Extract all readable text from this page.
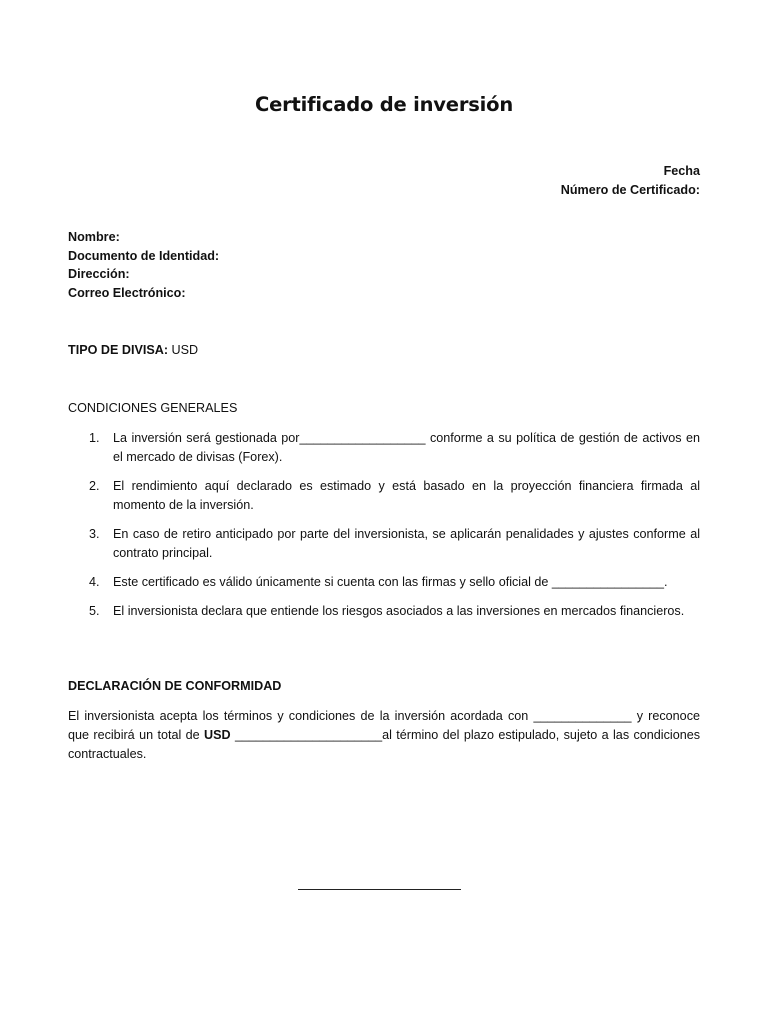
Certificado de inversión
Fecha
Número de Certificado:
Nombre:
Documento de Identidad:
Dirección:
Correo Electrónico:
TIPO DE DIVISA: USD
CONDICIONES GENERALES
1. La inversión será gestionada por__________________ conforme a su política de gestión de activos en el mercado de divisas (Forex).
2. El rendimiento aquí declarado es estimado y está basado en la proyección financiera firmada al momento de la inversión.
3. En caso de retiro anticipado por parte del inversionista, se aplicarán penalidades y ajustes conforme al contrato principal.
4. Este certificado es válido únicamente si cuenta con las firmas y sello oficial de ________________.
5. El inversionista declara que entiende los riesgos asociados a las inversiones en mercados financieros.
DECLARACIÓN DE CONFORMIDAD

El inversionista acepta los términos y condiciones de la inversión acordada con ______________ y reconoce que recibirá un total de USD _____________________al término del plazo estipulado, sujeto a las condiciones contractuales.
